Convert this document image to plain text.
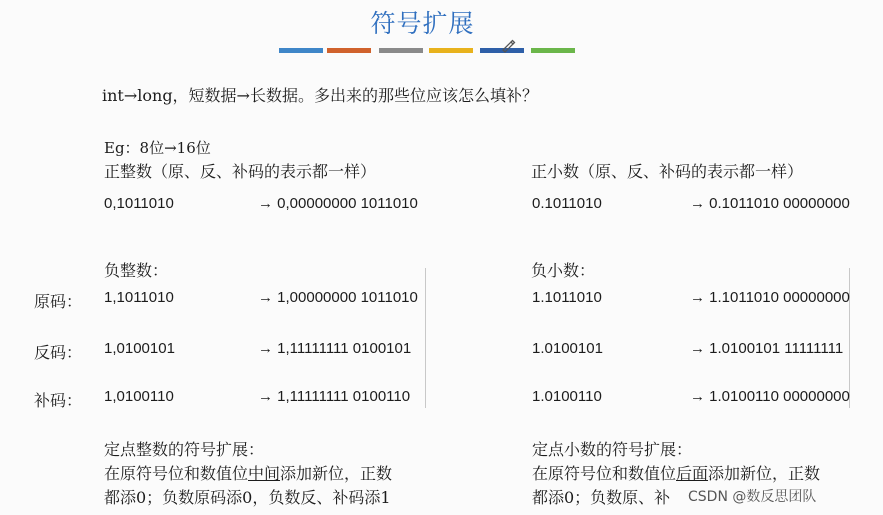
符号扩展
int→long，短数据→长数据。多出来的那些位应该怎么填补？
Eg：8位→16位
正整数（原、反、补码的表示都一样）	正小数（原、反、补码的表示都一样）
0,1011010	→ 0,00000000 1011010	0.1011010	→ 0.1011010 00000000
负整数：	负小数：
原码： 1,1011010	→ 1,00000000 1011010	1.1011010	→ 1.1011010 00000000
反码： 1,0100101	→ 1,11111111 0100101	1.0100101	→ 1.0100101 11111111
补码： 1,0100110	→ 1,11111111 0100110	1.0100110	→ 1.0100110 00000000
定点整数的符号扩展：
在原符号位和数值位中间添加新位，正数
都添0；负数原码添0，负数反、补码添1
定点小数的符号扩展：
在原符号位和数值位后面添加新位，正数
都添0；负数原、补 CSDN @数反思团队
